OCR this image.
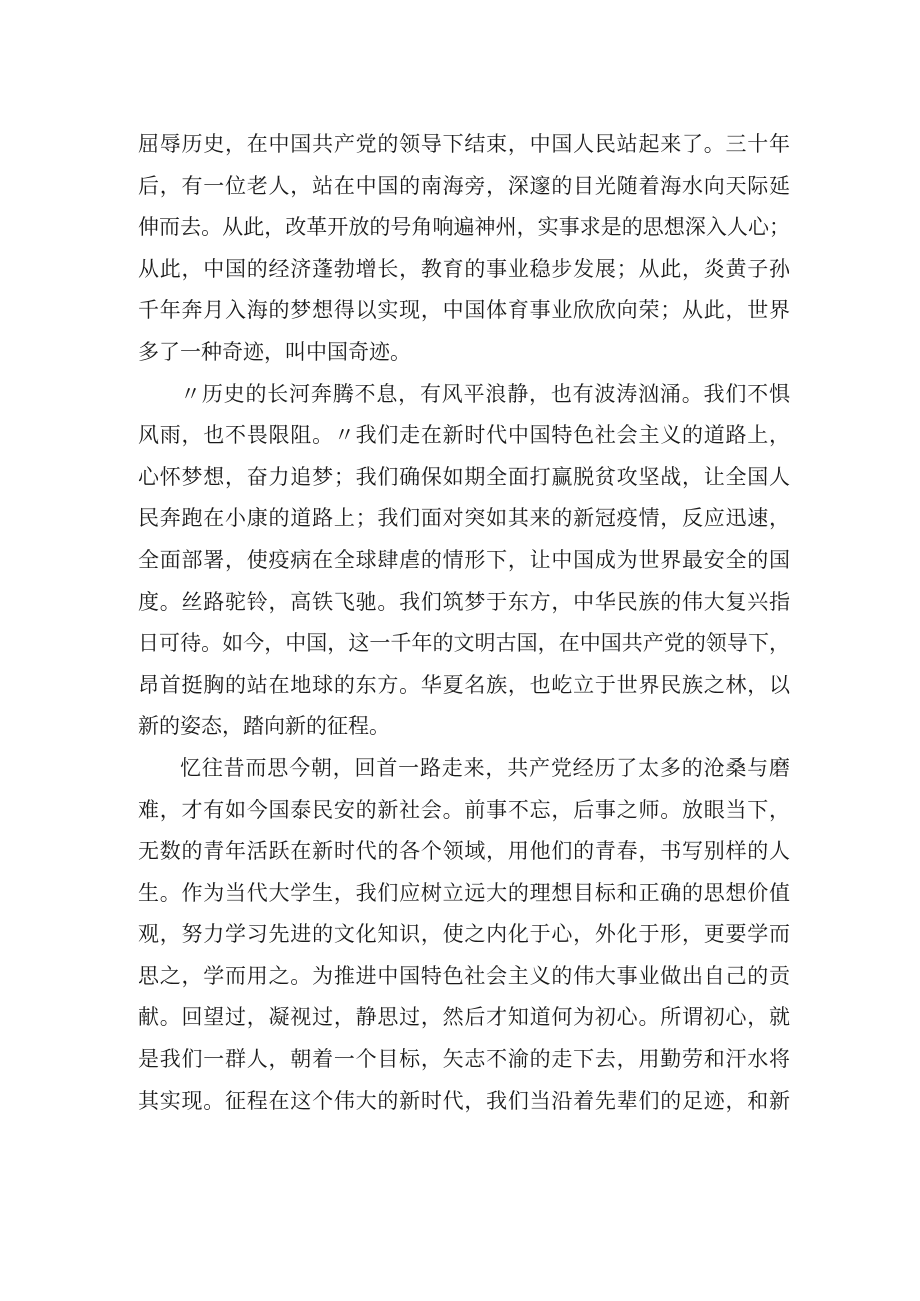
屈辱历史，在中国共产党的领导下结束，中国人民站起来了。三十年
后，有一位老人，站在中国的南海旁，深邃的目光随着海水向天际延
伸而去。从此，改革开放的号角响遍神州，实事求是的思想深入人心；
从此，中国的经济蓬勃增长，教育的事业稳步发展；从此，炎黄子孙
千年奔月入海的梦想得以实现，中国体育事业欣欣向荣；从此，世界
多了一种奇迹，叫中国奇迹。
〃历史的长河奔腾不息，有风平浪静，也有波涛汹涌。我们不惧
风雨，也不畏限阻。〃我们走在新时代中国特色社会主义的道路上，
心怀梦想，奋力追梦；我们确保如期全面打赢脱贫攻坚战，让全国人
民奔跑在小康的道路上；我们面对突如其来的新冠疫情，反应迅速，
全面部署，使疫病在全球肆虐的情形下，让中国成为世界最安全的国
度。丝路驼铃，高铁飞驰。我们筑梦于东方，中华民族的伟大复兴指
日可待。如今，中国，这一千年的文明古国，在中国共产党的领导下，
昂首挺胸的站在地球的东方。华夏名族，也屹立于世界民族之林，以
新的姿态，踏向新的征程。
忆往昔而思今朝，回首一路走来，共产党经历了太多的沧桑与磨
难，才有如今国泰民安的新社会。前事不忘，后事之师。放眼当下，
无数的青年活跃在新时代的各个领域，用他们的青春，书写别样的人
生。作为当代大学生，我们应树立远大的理想目标和正确的思想价值
观，努力学习先进的文化知识，使之内化于心，外化于形，更要学而
思之，学而用之。为推进中国特色社会主义的伟大事业做出自己的贡
献。回望过，凝视过，静思过，然后才知道何为初心。所谓初心，就
是我们一群人，朝着一个目标，矢志不渝的走下去，用勤劳和汗水将
其实现。征程在这个伟大的新时代，我们当沿着先辈们的足迹，和新
